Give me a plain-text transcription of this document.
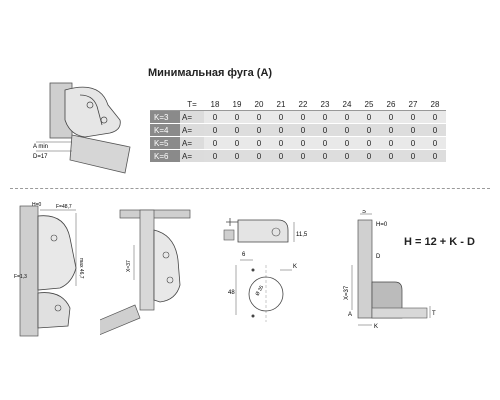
A min
D=17
Минимальная фуга (А)
	T=	18	19	20	21	22	23	24	25	26	27	28
K=3	A=	0	0	0	0	0	0	0	0	0	0	0
K=4	A=	0	0	0	0	0	0	0	0	0	0	0
K=5	A=	0	0	0	0	0	0	0	0	0	0	0
K=6	A=	0	0	0	0	0	0	0	0	0	0	0
H=0	F=48,7
max 46,7
F=1,3
X=37
11,5
6
48	Ø 35
K
S
H=0
D
X=37
A	T
K
H = 12 + K - D
